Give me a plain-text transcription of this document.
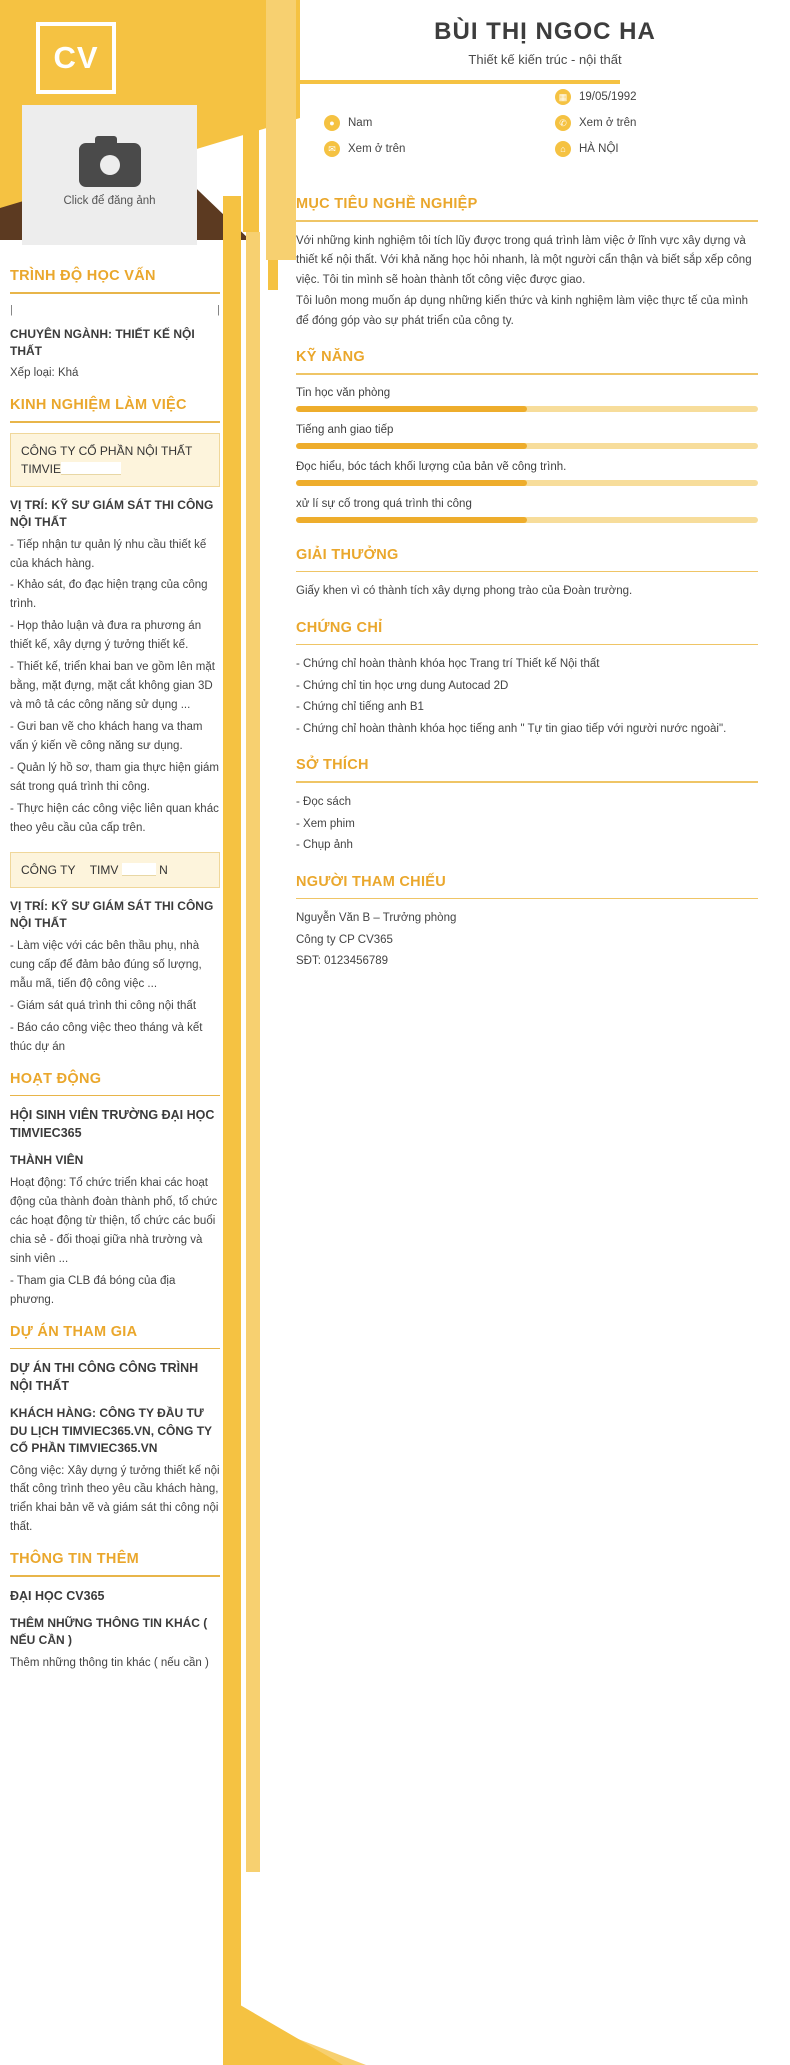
CV
BÙI THỊ NGOC HA
Thiết kế kiến trúc - nội thất
▦	19/05/1992
●	Nam	✆	Xem ở trên
✉	Xem ở trên	⌂	HÀ NỘI
Click để đăng ảnh
TRÌNH ĐỘ HỌC VẤN
|	|
CHUYÊN NGÀNH: THIẾT KẾ NỘI THẤT
Xếp loại: Khá
KINH NGHIỆM LÀM VIỆC
CÔNG TY CỔ PHẦN NỘI THẤT
TIMVIE
VỊ TRÍ: KỸ SƯ GIÁM SÁT THI CÔNG NỘI THẤT
- Tiếp nhận tư quản lý nhu cầu thiết kế của khách hàng.
- Khảo sát, đo đạc hiện trạng của công trình.
- Họp thảo luận và đưa ra phương án thiết kế, xây dựng ý tưởng thiết kế.
- Thiết kế, triển khai ban ve gồm lên mặt bằng, mặt đựng, mặt cắt không gian 3D và mô tả các công năng sử dụng ...
- Gưi ban vẽ cho khách hang va tham vấn ý kiến về công năng sư dụng.
- Quản lý hồ sơ, tham gia thực hiện giám sát trong quá trình thi công.
- Thực hiện các công việc liên quan khác theo yêu cầu của cấp trên.
CÔNG TY TIMV	N
VỊ TRÍ: KỸ SƯ GIÁM SÁT THI CÔNG NỘI THẤT
- Làm việc với các bên thầu phụ, nhà cung cấp để đảm bảo đúng số lượng, mẫu mã, tiến độ công việc ...
- Giám sát quá trình thi công nội thất
- Báo cáo công việc theo tháng và kết thúc dự án
HOẠT ĐỘNG
HỘI SINH VIÊN TRƯỜNG ĐẠI HỌC TIMVIEC365
THÀNH VIÊN
Hoạt động: Tổ chức triển khai các hoạt động của thành đoàn thành phố, tổ chức các hoạt động từ thiện, tổ chức các buổi chia sẻ - đối thoại giữa nhà trường và sinh viên ...
- Tham gia CLB đá bóng của địa phương.
DỰ ÁN THAM GIA
DỰ ÁN THI CÔNG CÔNG TRÌNH NỘI THẤT
KHÁCH HÀNG: CÔNG TY ĐẦU TƯ DU LỊCH TIMVIEC365.VN, CÔNG TY CỔ PHẦN TIMVIEC365.VN
Công việc: Xây dựng ý tưởng thiết kế nội thất công trình theo yêu cầu khách hàng, triển khai bản vẽ và giám sát thi công nội thất.
THÔNG TIN THÊM
ĐẠI HỌC CV365
THÊM NHỮNG THÔNG TIN KHÁC ( NẾU CẦN )
Thêm những thông tin khác ( nếu cần )
MỤC TIÊU NGHỀ NGHIỆP

Với những kinh nghiệm tôi tích lũy được trong quá trình làm việc ở lĩnh vực xây dựng và thiết kế nội thất. Với khả năng học hỏi nhanh, là một người cẩn thận và biết sắp xếp công việc. Tôi tin mình sẽ hoàn thành tốt công việc được giao.

Tôi luôn mong muốn áp dụng những kiến thức và kinh nghiệm làm việc thực tế của mình để đóng góp vào sự phát triển của công ty.

KỸ NĂNG
Tin học văn phòng
Tiếng anh giao tiếp
Đọc hiểu, bóc tách khối lượng của bản vẽ công trình.
xử lí sự cố trong quá trình thi công
GIẢI THƯỞNG
Giấy khen vì có thành tích xây dựng phong trào của Đoàn trường.
CHỨNG CHỈ

- Chứng chỉ hoàn thành khóa học Trang trí Thiết kế Nội thất

- Chứng chỉ tin học ưng dung Autocad 2D

- Chứng chỉ tiếng anh B1

- Chứng chỉ hoàn thành khóa học tiếng anh " Tự tin giao tiếp với người nước ngoài".

SỞ THÍCH

- Đọc sách

- Xem phim

- Chụp ảnh

NGƯỜI THAM CHIẾU

Nguyễn Văn B – Trưởng phòng

Công ty CP CV365

SĐT: 0123456789
